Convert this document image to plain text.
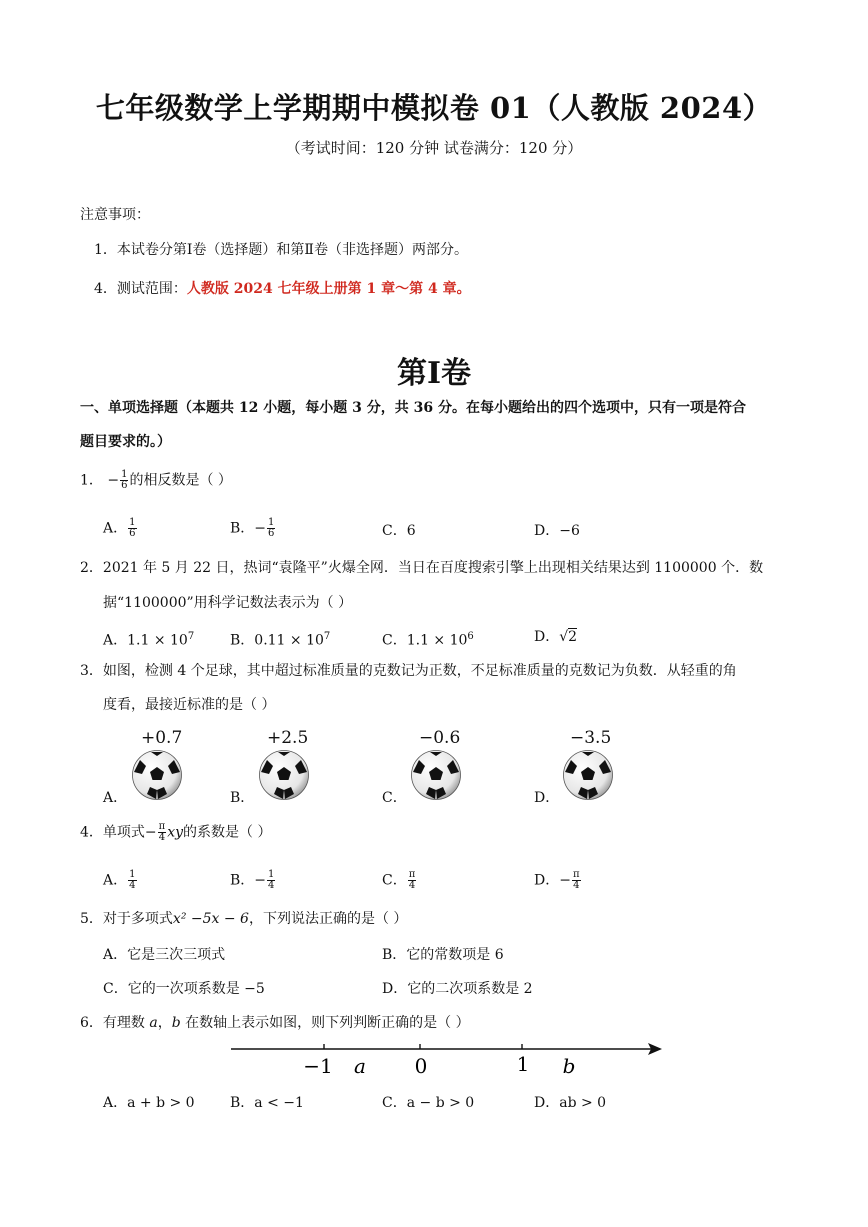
七年级数学上学期期中模拟卷 01（人教版 2024）
（考试时间：120 分钟 试卷满分：120 分）
注意事项：
1．本试卷分第Ⅰ卷（选择题）和第Ⅱ卷（非选择题）两部分。
4．测试范围：人教版 2024 七年级上册第 1 章～第 4 章。
第Ⅰ卷
一、单项选择题（本题共 12 小题，每小题 3 分，共 36 分。在每小题给出的四个选项中，只有一项是符合
题目要求的。）
1． − $\frac{1}{6}$ 的相反数是（ ）
A． $\frac{1}{6}$	B．− $\frac{1}{6}$	C．6	D．−6
2．2021 年 5 月 22 日，热词“袁隆平”火爆全网．当日在百度搜索引擎上出现相关结果达到 1100000 个．数
据“1100000”用科学记数法表示为（ ）
A．$1.1 \times 10^7$	B．$0.11 \times 10^7$	C．$1.1 \times 10^6$	D．√2
3．如图，检测 4 个足球，其中超过标准质量的克数记为正数，不足标准质量的克数记为负数．从轻重的角
度看，最接近标准的是（ ）
+0.7	+2.5	−0.6	−3.5
A．	B．	C．	D．
4．单项式− $\frac{\pi}{4}$ xy的系数是（ ）
A． $\frac{1}{4}$	B．− $\frac{1}{4}$	C． $\frac{\pi}{4}$	D．− $\frac{\pi}{4}$
5．对于多项式x² −5x − 6，下列说法正确的是（ ）
A．它是三次三项式	B．它的常数项是 6
C．它的一次项系数是 −5	D．它的二次项系数是 2
6．有理数 a，b 在数轴上表示如图，则下列判断正确的是（ ）
−1 a 0	1 b
A．a + b > 0	B．a < −1	C．a − b > 0	D．ab > 0
